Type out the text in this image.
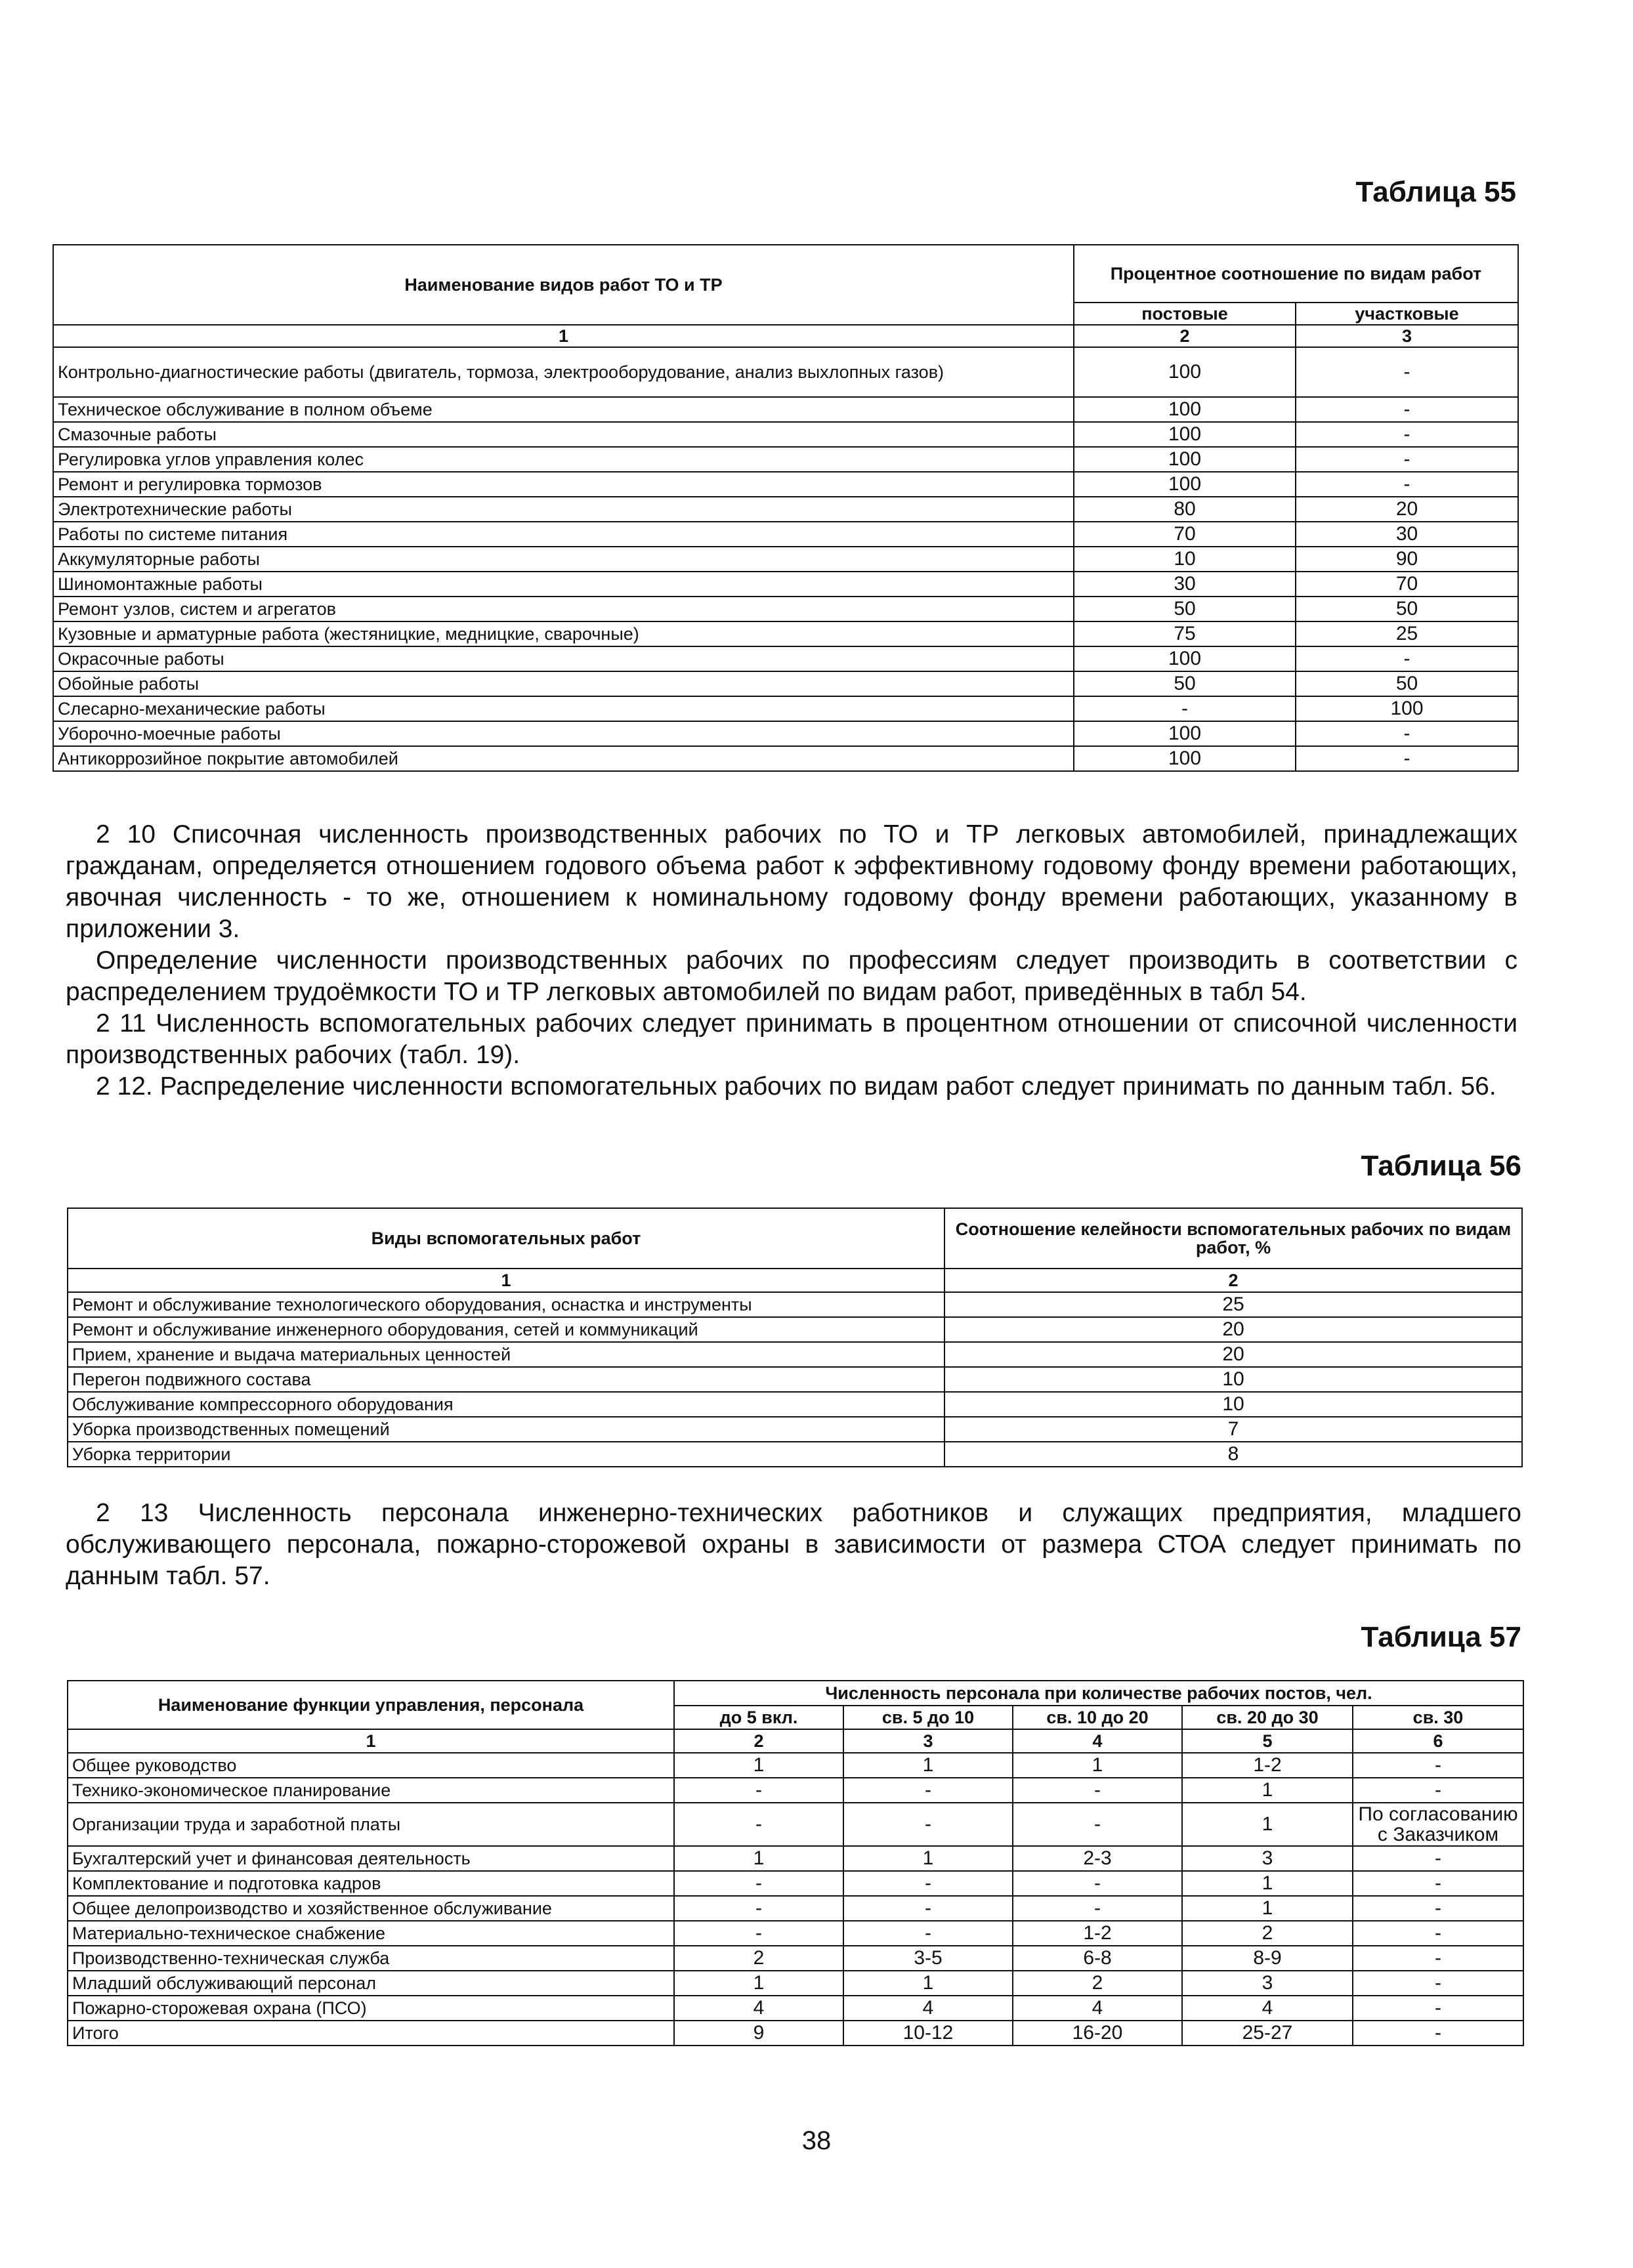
Таблица 55
Наименование видов работ ТО и ТР	Процентное соотношение по видам работ	
	постовые	участковые
1	2	3
Контрольно-диагностические работы (двигатель, тормоза, электрооборудование, анализ выхлопных газов)	100	-
Техническое обслуживание в полном объеме	100	-
Смазочные работы	100	-
Регулировка углов управления колес	100	-
Ремонт и регулировка тормозов	100	-
Электротехнические работы	80	20
Работы по системе питания	70	30
Аккумуляторные работы	10	90
Шиномонтажные работы	30	70
Ремонт узлов, систем и агрегатов	50	50
Кузовные и арматурные работа (жестяницкие, медницкие, сварочные)	75	25
Окрасочные работы	100	-
Обойные работы	50	50
Слесарно-механические работы	-	100
Уборочно-моечные работы	100	-
Антикоррозийное покрытие автомобилей	100	-

2 10 Списочная численность производственных рабочих по ТО и ТР легковых автомобилей, принадлежащих гражданам, определяется отношением годового объема работ к эффективному годовому фонду времени работающих, явочная численность - то же, отношением к номинальному годовому фонду времени работающих, указанному в приложении 3.

Определение численности производственных рабочих по профессиям следует производить в соответствии с распределением трудоёмкости ТО и ТР легковых автомобилей по видам работ, приведённых в табл 54.

2 11 Численность вспомогательных рабочих следует принимать в процентном отношении от списочной численности производственных рабочих (табл. 19).

2 12. Распределение численности вспомогательных рабочих по видам работ следует принимать по данным табл. 56.

Таблица 56
Виды вспомогательных работ	Соотношение келейности вспомогательных рабочих по видам работ, %
1	2
Ремонт и обслуживание технологического оборудования, оснастка и инструменты	25
Ремонт и обслуживание инженерного оборудования, сетей и коммуникаций	20
Прием, хранение и выдача материальных ценностей	20
Перегон подвижного состава	10
Обслуживание компрессорного оборудования	10
Уборка производственных помещений	7
Уборка территории	8

2 13 Численность персонала инженерно-технических работников и служащих предприятия, младшего обслуживающего персонала, пожарно-сторожевой охраны в зависимости от размера СТОА следует принимать по данным табл. 57.

Таблица 57
Наименование функции управления, персонала	Численность персонала при количестве рабочих постов, чел.				
	до 5 вкл.	св. 5 до 10	св. 10 до 20	св. 20 до 30	св. 30
1	2	3	4	5	6
Общее руководство	1	1	1	1-2	-
Технико-экономическое планирование	-	-	-	1	-
Организации труда и заработной платы	-	-	-	1	По согласованию с Заказчиком
Бухгалтерский учет и финансовая деятельность	1	1	2-3	3	-
Комплектование и подготовка кадров	-	-	-	1	-
Общее делопроизводство и хозяйственное обслуживание	-	-	-	1	-
Материально-техническое снабжение	-	-	1-2	2	-
Производственно-техническая служба	2	3-5	6-8	8-9	-
Младший обслуживающий персонал	1	1	2	3	-
Пожарно-сторожевая охрана (ПСО)	4	4	4	4	-
Итого	9	10-12	16-20	25-27	-
38
